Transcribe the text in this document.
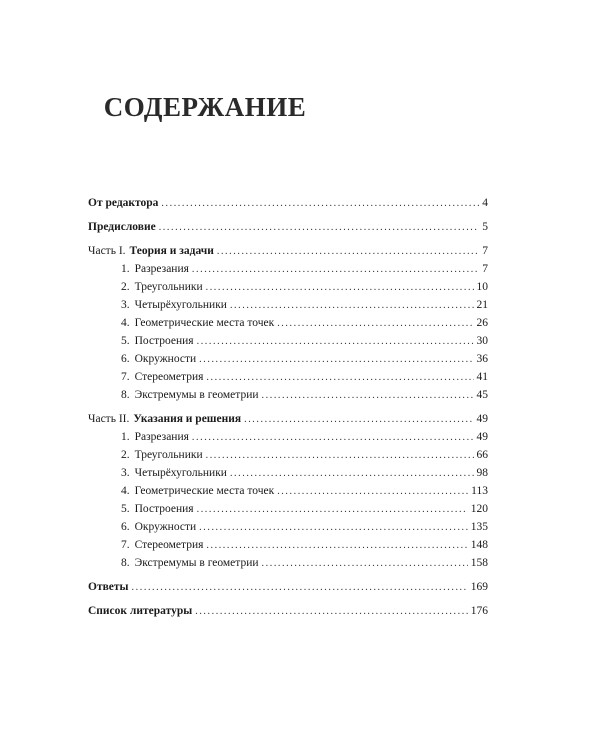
СОДЕРЖАНИЕ
От редактора .....	4
Предисловие .....	5
Часть I. Теория и задачи .....	7
1. Разрезания .....	7
2. Треугольники .....	10
3. Четырёхугольники .....	21
4. Геометрические места точек .....	26
5. Построения .....	30
6. Окружности .....	36
7. Стереометрия .....	41
8. Экстремумы в геометрии .....	45
Часть II. Указания и решения .....	49
1. Разрезания .....	49
2. Треугольники .....	66
3. Четырёхугольники .....	98
4. Геометрические места точек .....	113
5. Построения .....	120
6. Окружности .....	135
7. Стереометрия .....	148
8. Экстремумы в геометрии .....	158
Ответы .....	169
Список литературы .....	176
